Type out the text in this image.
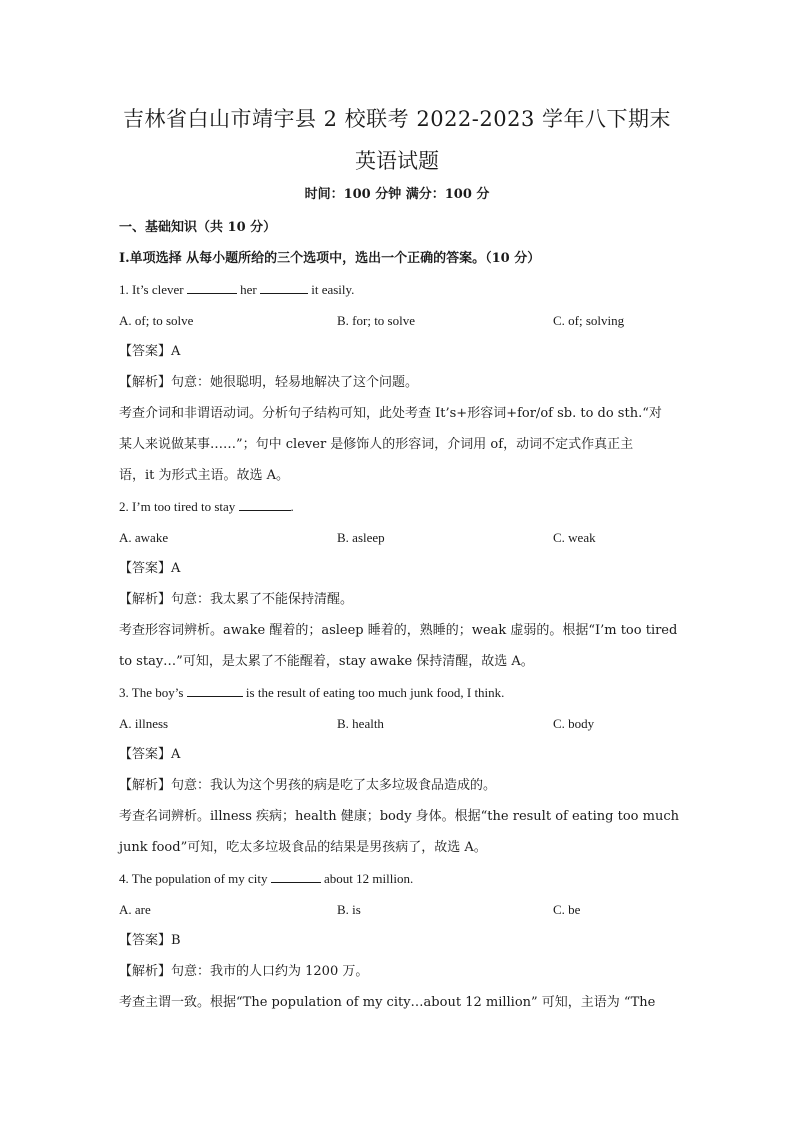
吉林省白山市靖宇县 2 校联考 2022-2023 学年八下期末
英语试题
时间：100 分钟 满分：100 分
一、基础知识（共 10 分）
Ⅰ.单项选择 从每小题所给的三个选项中，选出一个正确的答案。（10 分）
1. It’s clever	her	it easily.
A. of; to solve	B. for; to solve	C. of; solving
【答案】A
【解析】句意：她很聪明，轻易地解决了这个问题。
考查介词和非谓语动词。分析句子结构可知，此处考查 It’s+形容词+for/of sb. to do sth.“对
某人来说做某事……”；句中 clever 是修饰人的形容词，介词用 of，动词不定式作真正主
语，it 为形式主语。故选 A。
2. I’m too tired to stay	.
A. awake	B. asleep	C. weak
【答案】A
【解析】句意：我太累了不能保持清醒。
考查形容词辨析。awake 醒着的；asleep 睡着的，熟睡的；weak 虚弱的。根据“I’m too tired
to stay…”可知，是太累了不能醒着，stay awake 保持清醒，故选 A。
3. The boy’s	is the result of eating too much junk food, I think.
A. illness	B. health	C. body
【答案】A
【解析】句意：我认为这个男孩的病是吃了太多垃圾食品造成的。
考查名词辨析。illness 疾病；health 健康；body 身体。根据“the result of eating too much
junk food”可知，吃太多垃圾食品的结果是男孩病了，故选 A。
4. The population of my city	about 12 million.
A. are	B. is	C. be
【答案】B
【解析】句意：我市的人口约为 1200 万。
考查主谓一致。根据“The population of my city…about 12 million” 可知，主语为 “The
